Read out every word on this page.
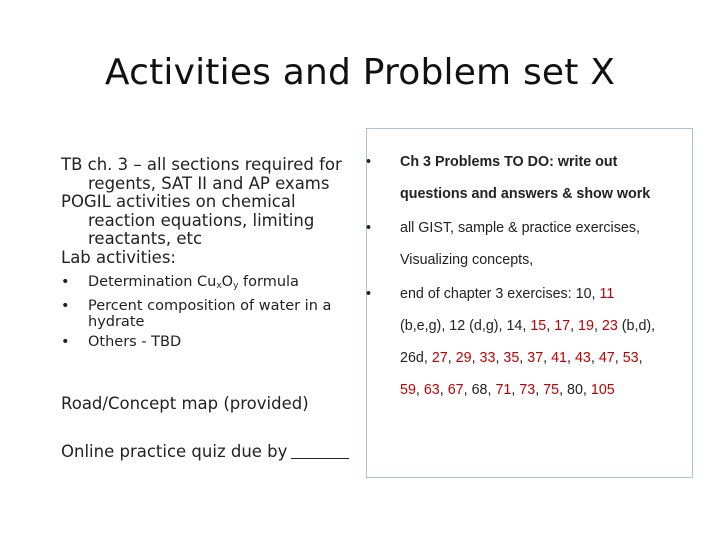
Activities and Problem set X

TB ch. 3 – all sections required for
regents, SAT II and AP exams

POGIL activities on chemical
reaction equations, limiting
reactants, etc

Lab activities:

• Determination $Cu_xO_y$ formula
• Percent composition of water in a
hydrate
• Others - TBD
Road/Concept map (provided)
Online practice quiz due by
• Ch 3 Problems TO DO: write out
questions and answers & show work
• all GIST, sample & practice exercises,
Visualizing concepts,
• end of chapter 3 exercises: 10, 11
(b,e,g), 12 (d,g), 14, 15, 17, 19, 23 (b,d),
26d, 27, 29, 33, 35, 37, 41, 43, 47, 53,
59, 63, 67, 68, 71, 73, 75, 80, 105
